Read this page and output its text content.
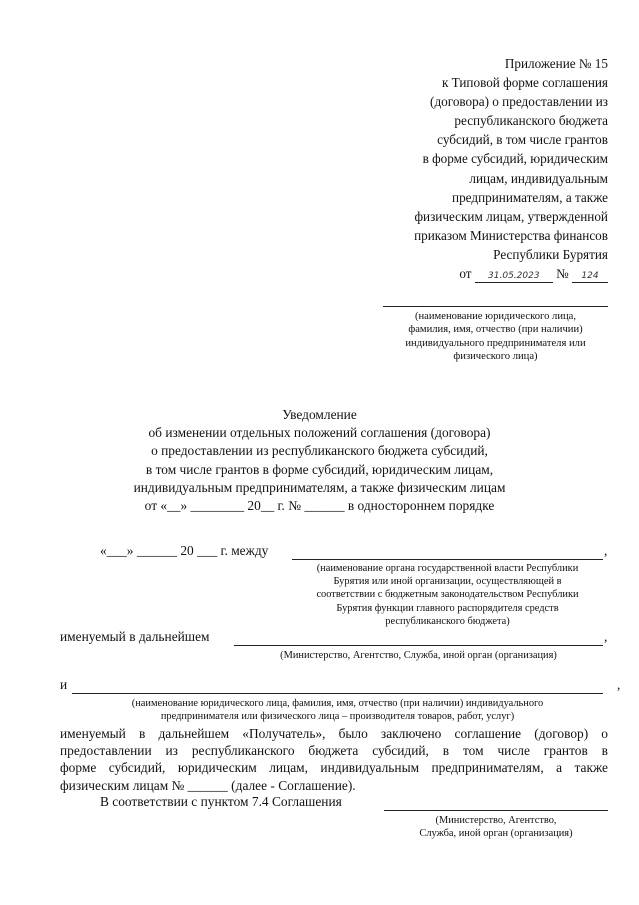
Приложение № 15
к Типовой форме соглашения
(договора) о предоставлении из
республиканского бюджета
субсидий, в том числе грантов
в форме субсидий, юридическим
лицам, индивидуальным
предпринимателям, а также
физическим лицам, утвержденной
приказом Министерства финансов
Республики Бурятия
от 31.05.2023 № 124
(наименование юридического лица,
фамилия, имя, отчество (при наличии)
индивидуального предпринимателя или
физического лица)
Уведомление
об изменении отдельных положений соглашения (договора)
о предоставлении из республиканского бюджета субсидий,
в том числе грантов в форме субсидий, юридическим лицам,
индивидуальным предпринимателям, а также физическим лицам
от «__» ________ 20__ г. № ______ в одностороннем порядке
«___» ______ 20 ___ г. между	,
(наименование органа государственной власти Республики
Бурятия или иной организации, осуществляющей в
соответствии с бюджетным законодательством Республики
Бурятия функции главного распорядителя средств
республиканского бюджета)
именуемый в дальнейшем	,
(Министерство, Агентство, Служба, иной орган (организация)
и	,
(наименование юридического лица, фамилия, имя, отчество (при наличии) индивидуального
предпринимателя или физического лица – производителя товаров, работ, услуг)
именуемый в дальнейшем «Получатель», было заключено соглашение (договор) о
предоставлении из республиканского бюджета субсидий, в том числе грантов в
форме субсидий, юридическим лицам, индивидуальным предпринимателям, а также
физическим лицам № ______ (далее - Соглашение).
В соответствии с пунктом 7.4 Соглашения
(Министерство, Агентство,
Служба, иной орган (организация)
